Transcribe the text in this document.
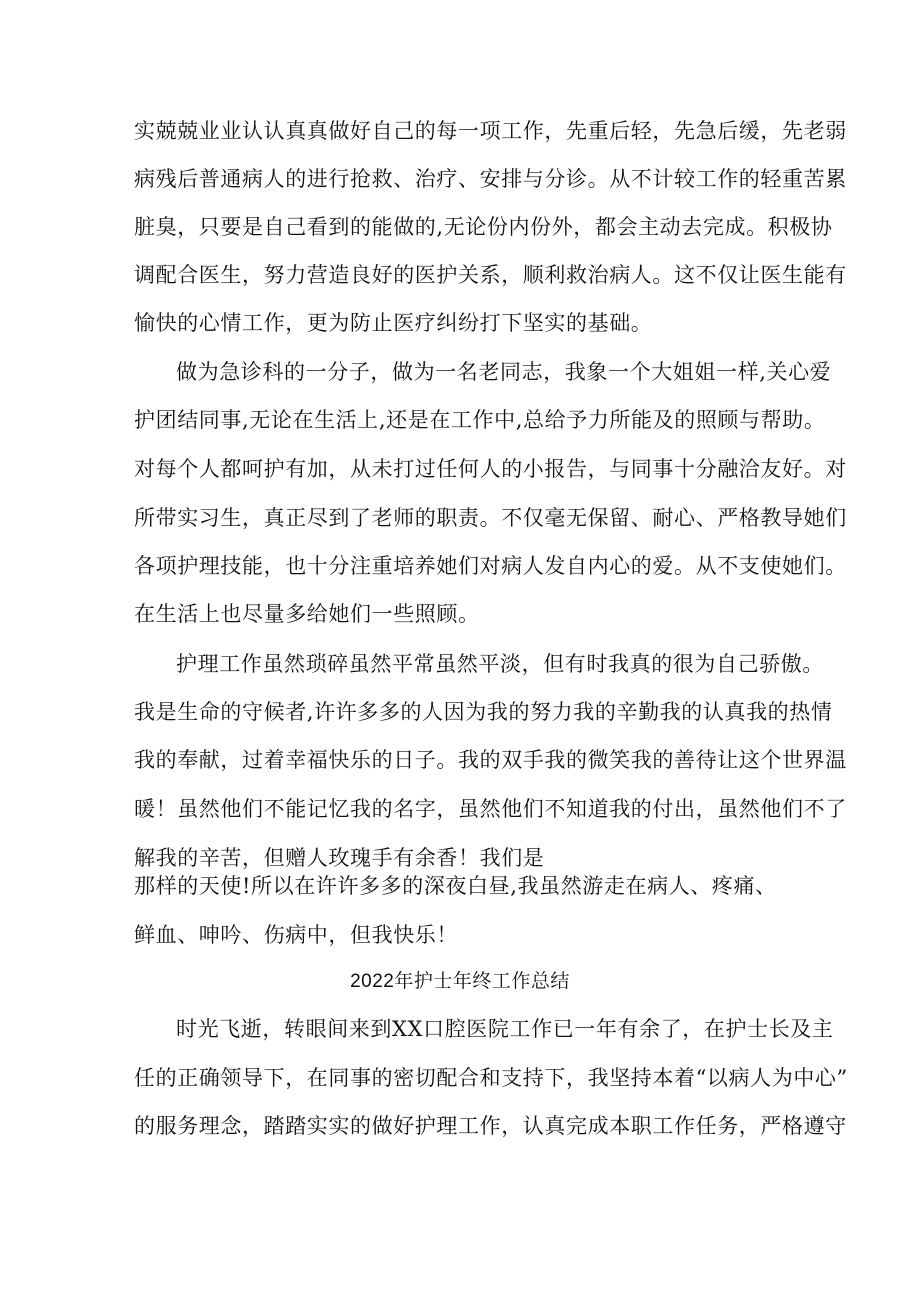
实兢兢业业认认真真做好自己的每一项工作，先重后轻，先急后缓，先老弱
病残后普通病人的进行抢救、治疗、安排与分诊。从不计较工作的轻重苦累
脏臭，只要是自己看到的能做的,无论份内份外，都会主动去完成。积极协
调配合医生，努力营造良好的医护关系，顺利救治病人。这不仅让医生能有
愉快的心情工作，更为防止医疗纠纷打下坚实的基础。
做为急诊科的一分子，做为一名老同志，我象一个大姐姐一样,关心爱
护团结同事,无论在生活上,还是在工作中,总给予力所能及的照顾与帮助。
对每个人都呵护有加，从未打过任何人的小报告，与同事十分融洽友好。对
所带实习生，真正尽到了老师的职责。不仅毫无保留、耐心、严格教导她们
各项护理技能，也十分注重培养她们对病人发自内心的爱。从不支使她们。
在生活上也尽量多给她们一些照顾。
护理工作虽然琐碎虽然平常虽然平淡，但有时我真的很为自己骄傲。
我是生命的守候者,许许多多的人因为我的努力我的辛勤我的认真我的热情
我的奉献，过着幸福快乐的日子。我的双手我的微笑我的善待让这个世界温
暖！虽然他们不能记忆我的名字，虽然他们不知道我的付出，虽然他们不了
解我的辛苦，但赠人玫瑰手有余香！我们是
那样的天使!所以在许许多多的深夜白昼,我虽然游走在病人、疼痛、
鲜血、呻吟、伤病中，但我快乐！
2022年护士年终工作总结
时光飞逝，转眼间来到XX口腔医院工作已一年有余了，在护士长及主
任的正确领导下，在同事的密切配合和支持下，我坚持本着“以病人为中心”
的服务理念，踏踏实实的做好护理工作，认真完成本职工作任务，严格遵守
